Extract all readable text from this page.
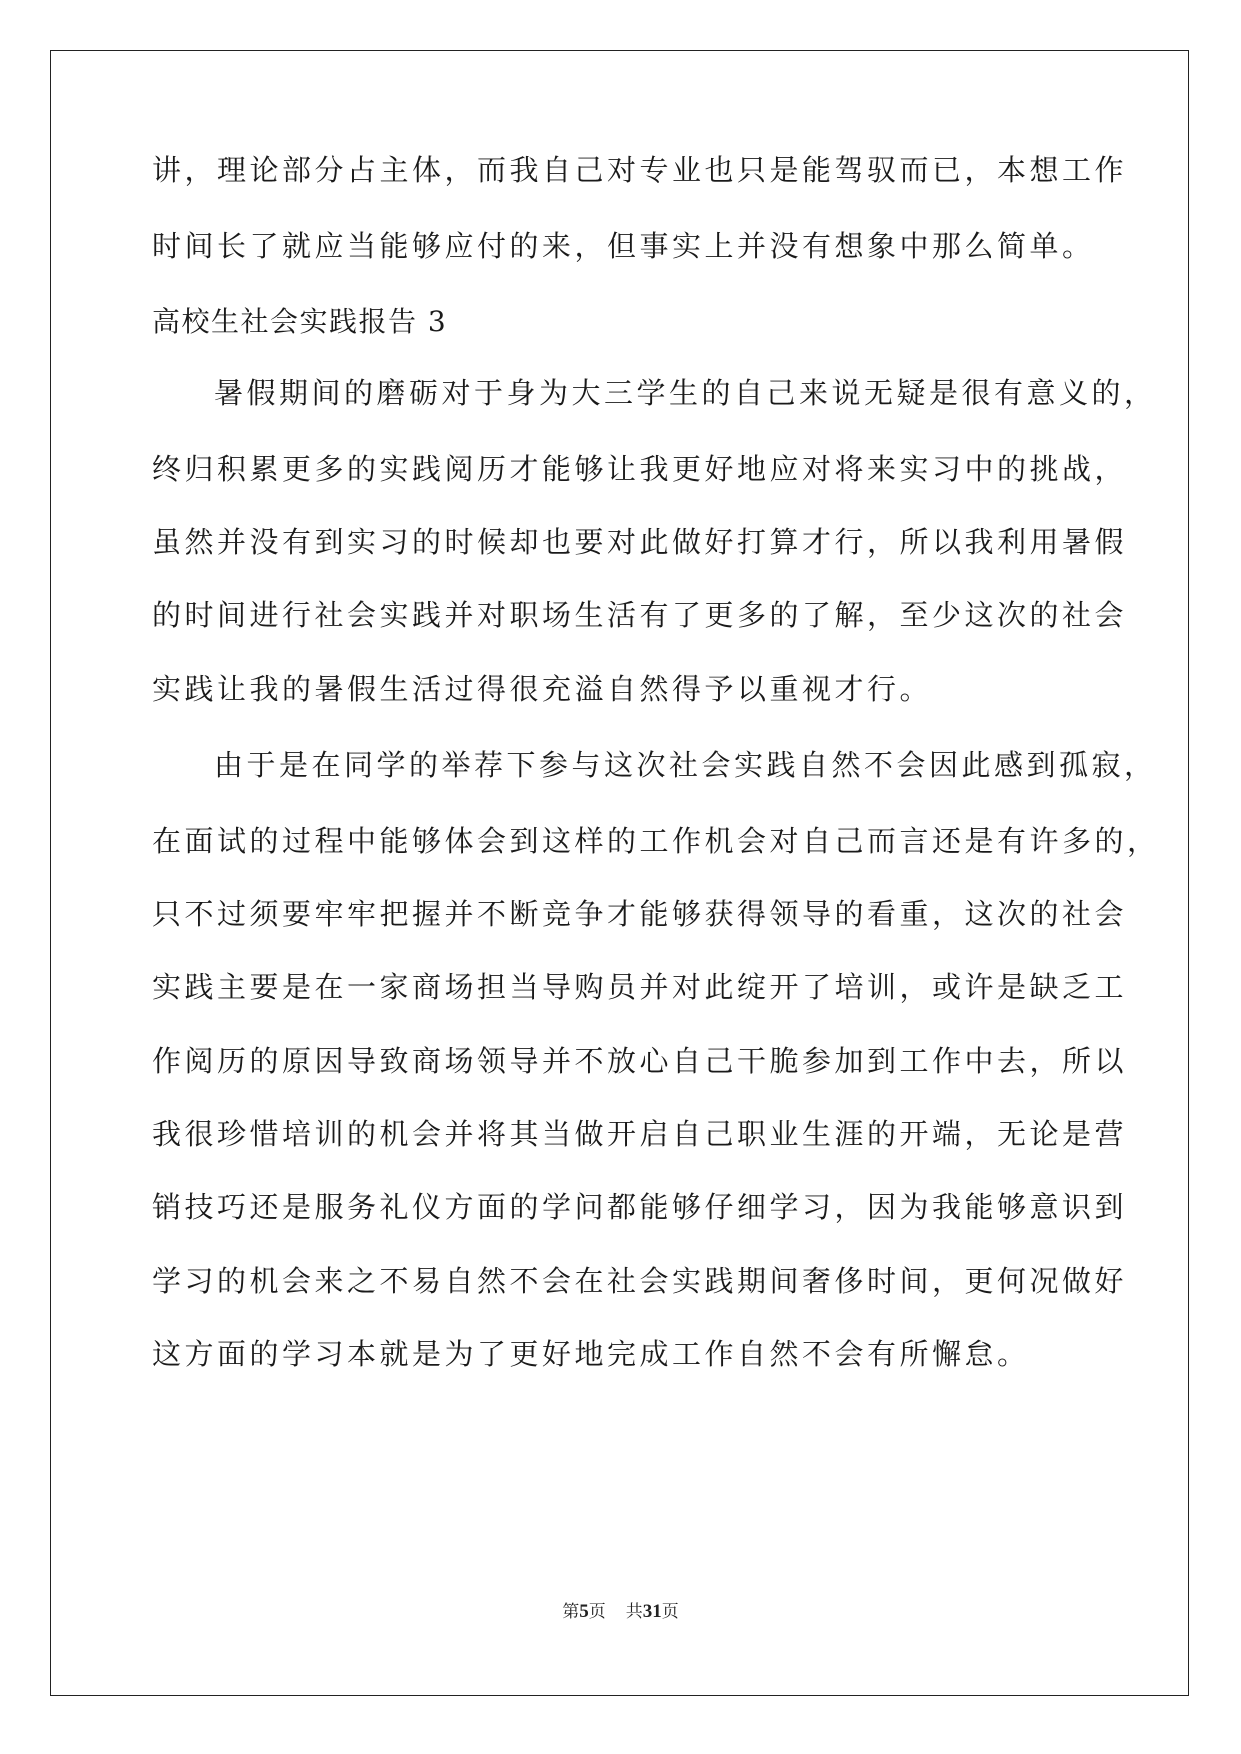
讲，理论部分占主体，而我自己对专业也只是能驾驭而已，本想工作
时间长了就应当能够应付的来，但事实上并没有想象中那么简单。
高校生社会实践报告 3
暑假期间的磨砺对于身为大三学生的自己来说无疑是很有意义的，
终归积累更多的实践阅历才能够让我更好地应对将来实习中的挑战，
虽然并没有到实习的时候却也要对此做好打算才行，所以我利用暑假
的时间进行社会实践并对职场生活有了更多的了解，至少这次的社会
实践让我的暑假生活过得很充溢自然得予以重视才行。
由于是在同学的举荐下参与这次社会实践自然不会因此感到孤寂，
在面试的过程中能够体会到这样的工作机会对自己而言还是有许多的，
只不过须要牢牢把握并不断竞争才能够获得领导的看重，这次的社会
实践主要是在一家商场担当导购员并对此绽开了培训，或许是缺乏工
作阅历的原因导致商场领导并不放心自己干脆参加到工作中去，所以
我很珍惜培训的机会并将其当做开启自己职业生涯的开端，无论是营
销技巧还是服务礼仪方面的学问都能够仔细学习，因为我能够意识到
学习的机会来之不易自然不会在社会实践期间奢侈时间，更何况做好
这方面的学习本就是为了更好地完成工作自然不会有所懈怠。
第5页 共31页
